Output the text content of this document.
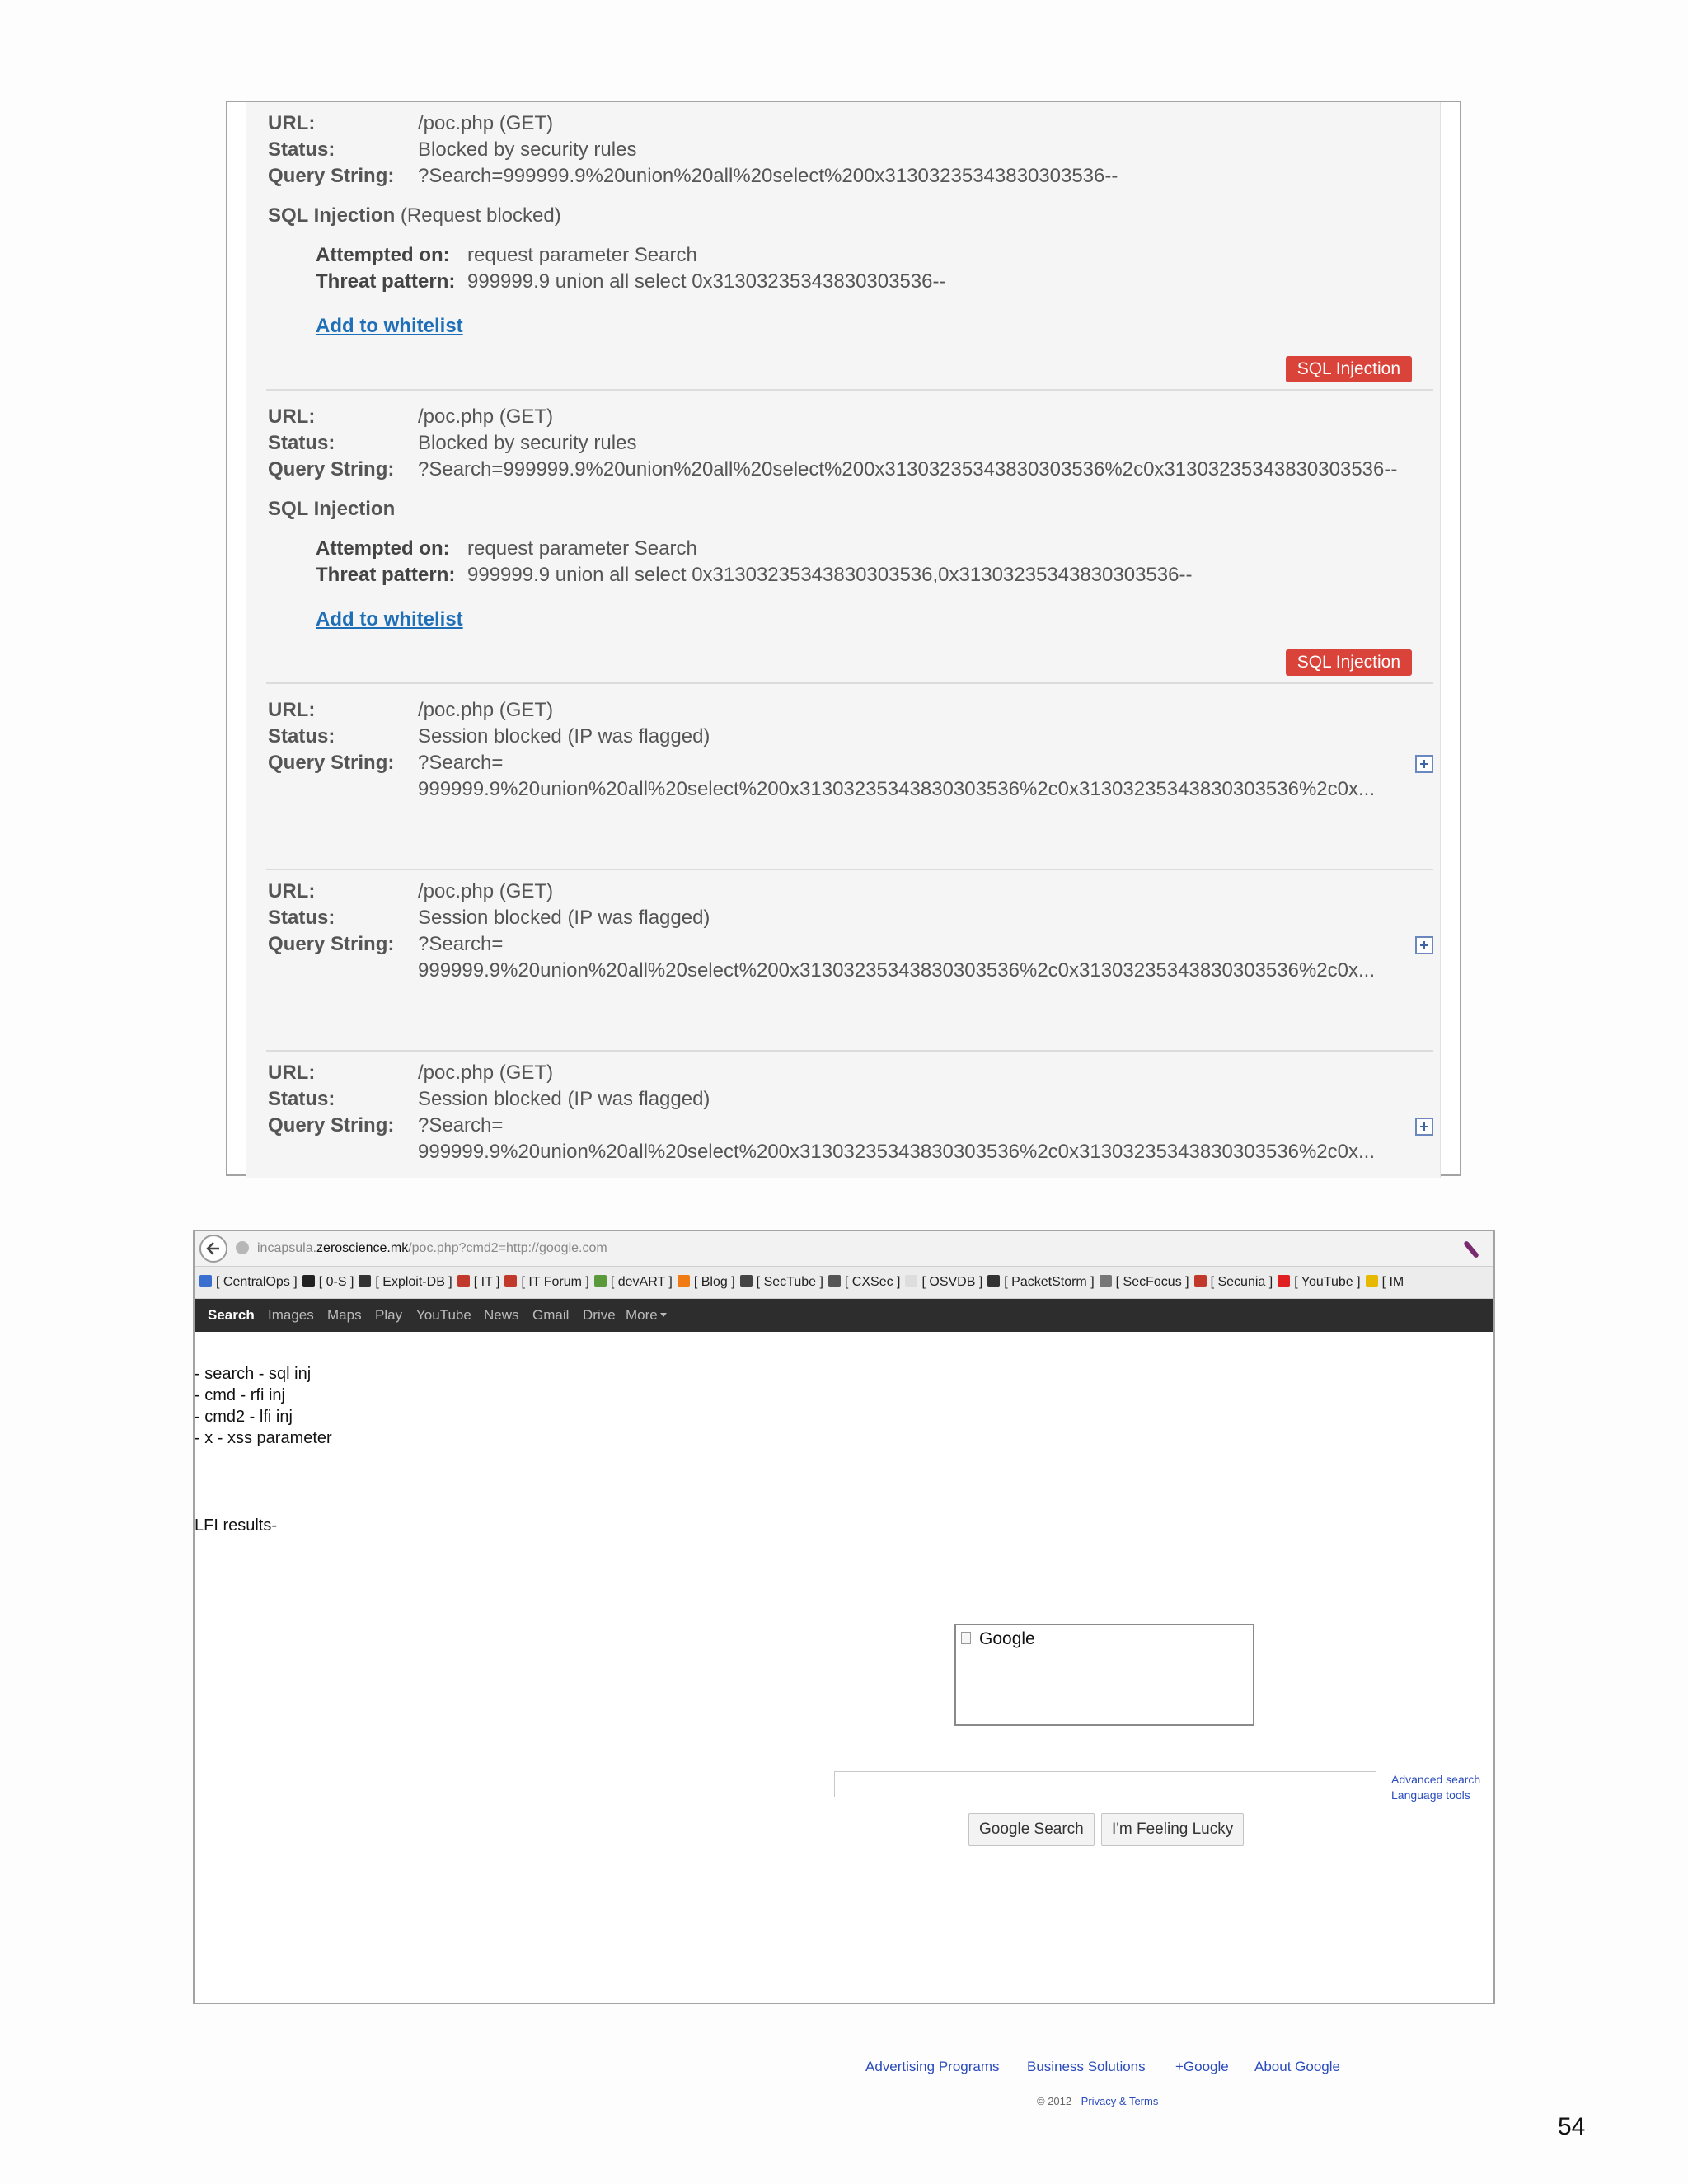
URL:	/poc.php (GET)
Status:	Blocked by security rules
Query String: ?Search=999999.9%20union%20all%20select%200x31303235343830303536--
SQL Injection (Request blocked)
Attempted on: request parameter Search
Threat pattern: 999999.9 union all select 0x31303235343830303536--
Add to whitelist
SQL Injection
URL:	/poc.php (GET)
Status:	Blocked by security rules
Query String: ?Search=999999.9%20union%20all%20select%200x31303235343830303536%2c0x31303235343830303536--
SQL Injection
Attempted on: request parameter Search
Threat pattern: 999999.9 union all select 0x31303235343830303536,0x31303235343830303536--
Add to whitelist
SQL Injection
URL:	/poc.php (GET)
Status:	Session blocked (IP was flagged)
Query String: ?Search=
999999.9%20union%20all%20select%200x31303235343830303536%2c0x31303235343830303536%2c0x...
URL:	/poc.php (GET)
Status:	Session blocked (IP was flagged)
Query String: ?Search=
999999.9%20union%20all%20select%200x31303235343830303536%2c0x31303235343830303536%2c0x...
URL:	/poc.php (GET)
Status:	Session blocked (IP was flagged)
Query String: ?Search=
999999.9%20union%20all%20select%200x31303235343830303536%2c0x31303235343830303536%2c0x...
incapsula.zeroscience.mk/poc.php?cmd2=http://google.com
[ CentralOps ] [ 0-S ] [ Exploit-DB ] [ IT ] [ IT Forum ] [ devART ] [ Blog ] [ SecTube ] [ CXSec ] [ OSVDB ] [ PacketStorm ] [ SecFocus ] [ Secunia ] [ YouTube ] [ IM
Search Images Maps Play YouTube News Gmail Drive More
- search - sql inj
- cmd - rfi inj
- cmd2 - lfi inj
- x - xss parameter
LFI results-
Google
Advanced search
Language tools
Google Search	I'm Feeling Lucky
Advertising Programs Business Solutions +Google About Google
© 2012 - Privacy & Terms
54
